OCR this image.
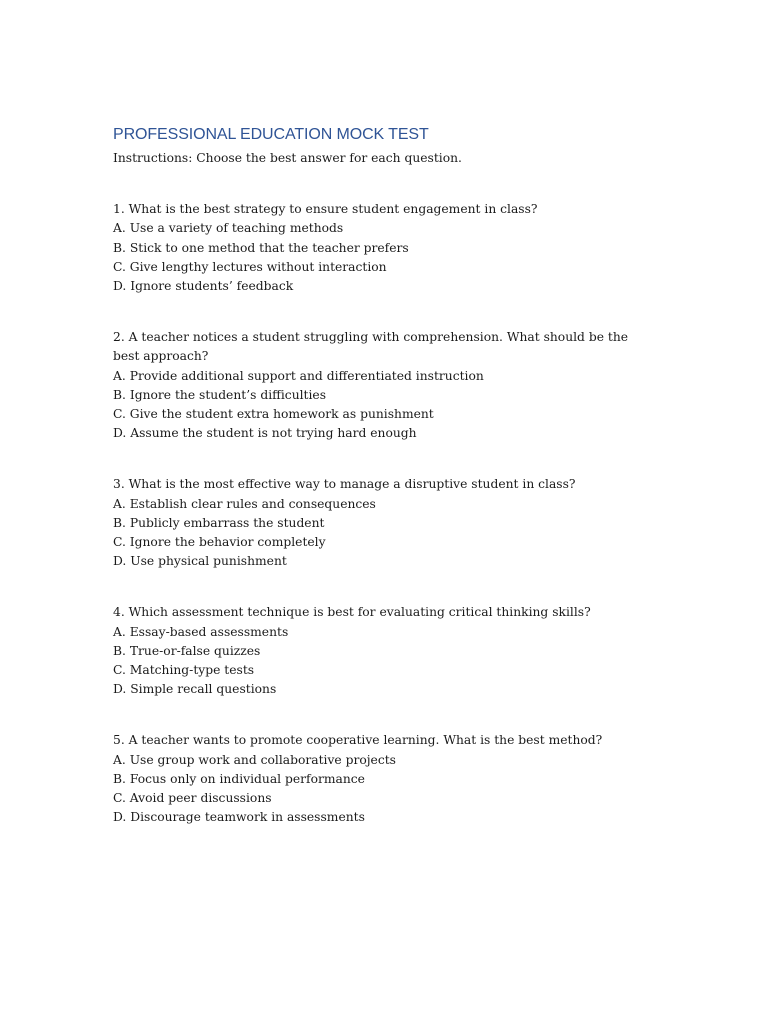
PROFESSIONAL EDUCATION MOCK TEST
Instructions: Choose the best answer for each question.
1. What is the best strategy to ensure student engagement in class?
A. Use a variety of teaching methods
B. Stick to one method that the teacher prefers
C. Give lengthy lectures without interaction
D. Ignore students’ feedback
2. A teacher notices a student struggling with comprehension. What should be the best approach?
A. Provide additional support and differentiated instruction
B. Ignore the student’s difficulties
C. Give the student extra homework as punishment
D. Assume the student is not trying hard enough
3. What is the most effective way to manage a disruptive student in class?
A. Establish clear rules and consequences
B. Publicly embarrass the student
C. Ignore the behavior completely
D. Use physical punishment
4. Which assessment technique is best for evaluating critical thinking skills?
A. Essay-based assessments
B. True-or-false quizzes
C. Matching-type tests
D. Simple recall questions
5. A teacher wants to promote cooperative learning. What is the best method?
A. Use group work and collaborative projects
B. Focus only on individual performance
C. Avoid peer discussions
D. Discourage teamwork in assessments
